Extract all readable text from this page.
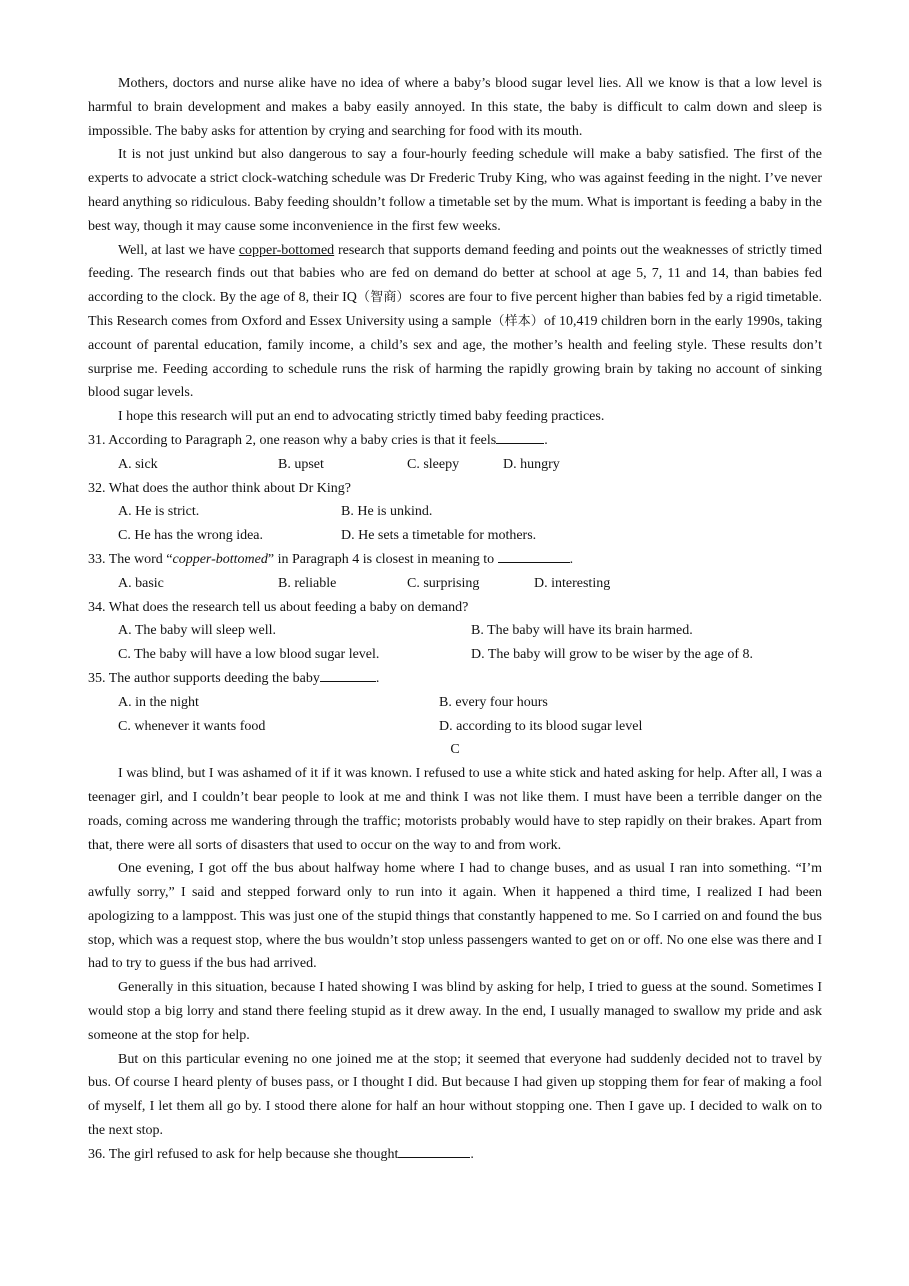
Mothers, doctors and nurse alike have no idea of where a baby’s blood sugar level lies. All we know is that a low level is harmful to brain development and makes a baby easily annoyed. In this state, the baby is difficult to calm down and sleep is impossible. The baby asks for attention by crying and searching for food with its mouth.

It is not just unkind but also dangerous to say a four-hourly feeding schedule will make a baby satisfied. The first of the experts to advocate a strict clock-watching schedule was Dr Frederic Truby King, who was against feeding in the night. I’ve never heard anything so ridiculous. Baby feeding shouldn’t follow a timetable set by the mum. What is important is feeding a baby in the best way, though it may cause some inconvenience in the first few weeks.

Well, at last we have copper-bottomed research that supports demand feeding and points out the weaknesses of strictly timed feeding. The research finds out that babies who are fed on demand do better at school at age 5, 7, 11 and 14, than babies fed according to the clock. By the age of 8, their IQ（智商）scores are four to five percent higher than babies fed by a rigid timetable. This Research comes from Oxford and Essex University using a sample（样本）of 10,419 children born in the early 1990s, taking account of parental education, family income, a child’s sex and age, the mother’s health and feeling style. These results don’t surprise me. Feeding according to schedule runs the risk of harming the rapidly growing brain by taking no account of sinking blood sugar levels.

I hope this research will put an end to advocating strictly timed baby feeding practices.

31. According to Paragraph 2, one reason why a baby cries is that it feels	.

A. sick	B. upset	C. sleepy	D. hungry

32. What does the author think about Dr King?

A. He is strict.	B. He is unkind.
C. He has the wrong idea.	D. He sets a timetable for mothers.

33. The word “copper-bottomed” in Paragraph 4 is closest in meaning to	.

A. basic	B. reliable	C. surprising	D. interesting

34. What does the research tell us about feeding a baby on demand?

A. The baby will sleep well.	B. The baby will have its brain harmed.
C. The baby will have a low blood sugar level.	D. The baby will grow to be wiser by the age of 8.

35. The author supports deeding the baby	.

A. in the night	B. every four hours
C. whenever it wants food	D. according to its blood sugar level

C

I was blind, but I was ashamed of it if it was known. I refused to use a white stick and hated asking for help. After all, I was a teenager girl, and I couldn’t bear people to look at me and think I was not like them. I must have been a terrible danger on the roads, coming across me wandering through the traffic; motorists probably would have to step rapidly on their brakes. Apart from that, there were all sorts of disasters that used to occur on the way to and from work.

One evening, I got off the bus about halfway home where I had to change buses, and as usual I ran into something. “I’m awfully sorry,” I said and stepped forward only to run into it again. When it happened a third time, I realized I had been apologizing to a lamppost. This was just one of the stupid things that constantly happened to me. So I carried on and found the bus stop, which was a request stop, where the bus wouldn’t stop unless passengers wanted to get on or off. No one else was there and I had to try to guess if the bus had arrived.

Generally in this situation, because I hated showing I was blind by asking for help, I tried to guess at the sound. Sometimes I would stop a big lorry and stand there feeling stupid as it drew away. In the end, I usually managed to swallow my pride and ask someone at the stop for help.

But on this particular evening no one joined me at the stop; it seemed that everyone had suddenly decided not to travel by bus. Of course I heard plenty of buses pass, or I thought I did. But because I had given up stopping them for fear of making a fool of myself, I let them all go by. I stood there alone for half an hour without stopping one. Then I gave up. I decided to walk on to the next stop.

36. The girl refused to ask for help because she thought	.
